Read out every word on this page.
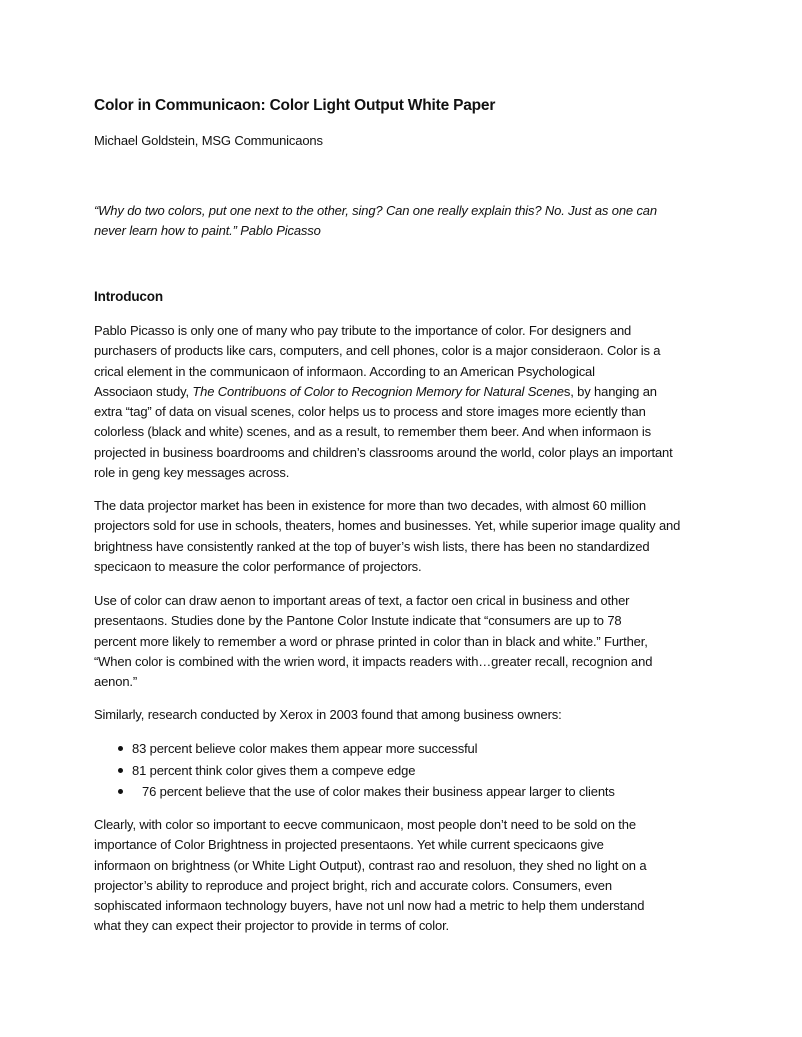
Color in Communicaon: Color Light Output White Paper
Michael Goldstein, MSG Communicaons
“Why do two colors, put one next to the other, sing? Can one really explain this? No. Just as one can
never learn how to paint.” Pablo Picasso
Introducon
Pablo Picasso is only one of many who pay tribute to the importance of color. For designers and
purchasers of products like cars, computers, and cell phones, color is a major consideraon. Color is a
crical element in the communicaon of informaon. According to an American Psychological
Associaon study, The Contribuons of Color to Recognion Memory for Natural Scenes, by hanging an
extra “tag” of data on visual scenes, color helps us to process and store images more eciently than
colorless (black and white) scenes, and as a result, to remember them beer. And when informaon is
projected in business boardrooms and children’s classrooms around the world, color plays an important
role in geng key messages across.
The data projector market has been in existence for more than two decades, with almost 60 million
projectors sold for use in schools, theaters, homes and businesses. Yet, while superior image quality and
brightness have consistently ranked at the top of buyer’s wish lists, there has been no standardized
specicaon to measure the color performance of projectors.
Use of color can draw aenon to important areas of text, a factor oen crical in business and other
presentaons. Studies done by the Pantone Color Instute indicate that “consumers are up to 78
percent more likely to remember a word or phrase printed in color than in black and white.” Further,
“When color is combined with the wrien word, it impacts readers with…greater recall, recognion and
aenon.”
Similarly, research conducted by Xerox in 2003 found that among business owners:
83 percent believe color makes them appear more successful
81 percent think color gives them a compeve edge
76 percent believe that the use of color makes their business appear larger to clients
Clearly, with color so important to eecve communicaon, most people don’t need to be sold on the
importance of Color Brightness in projected presentaons. Yet while current specicaons give
informaon on brightness (or White Light Output), contrast rao and resoluon, they shed no light on a
projector’s ability to reproduce and project bright, rich and accurate colors. Consumers, even
sophiscated informaon technology buyers, have not unl now had a metric to help them understand
what they can expect their projector to provide in terms of color.
